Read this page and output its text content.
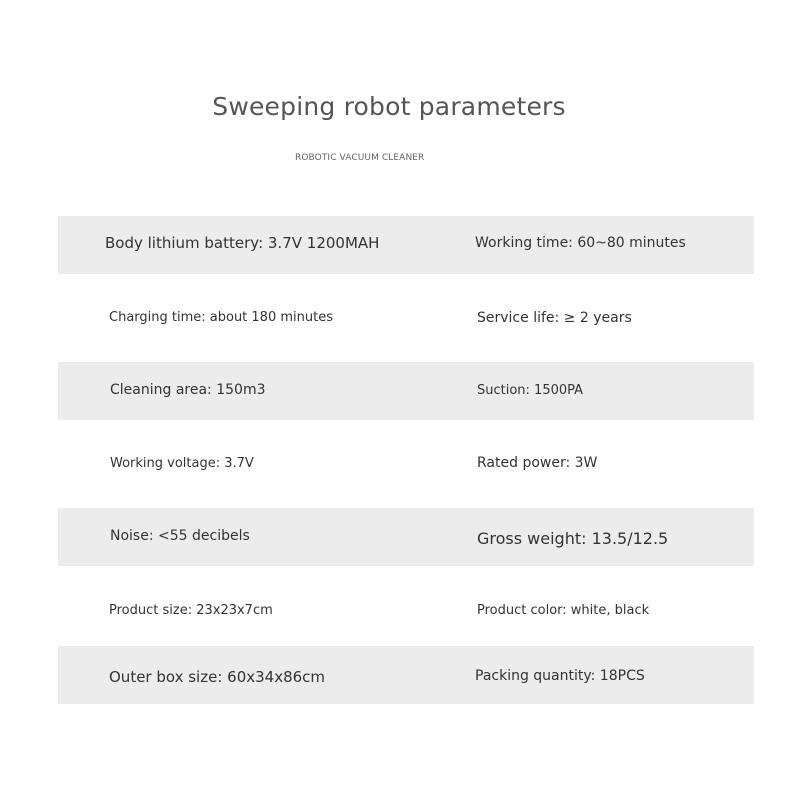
Sweeping robot parameters
ROBOTIC VACUUM CLEANER
Body lithium battery: 3.7V 1200MAH	Working time: 60~80 minutes
Charging time: about 180 minutes	Service life: ≥ 2 years
Cleaning area: 150m3	Suction: 1500PA
Working voltage: 3.7V	Rated power: 3W
Noise: <55 decibels	Gross weight: 13.5/12.5
Product size: 23x23x7cm	Product color: white, black
Outer box size: 60x34x86cm	Packing quantity: 18PCS
